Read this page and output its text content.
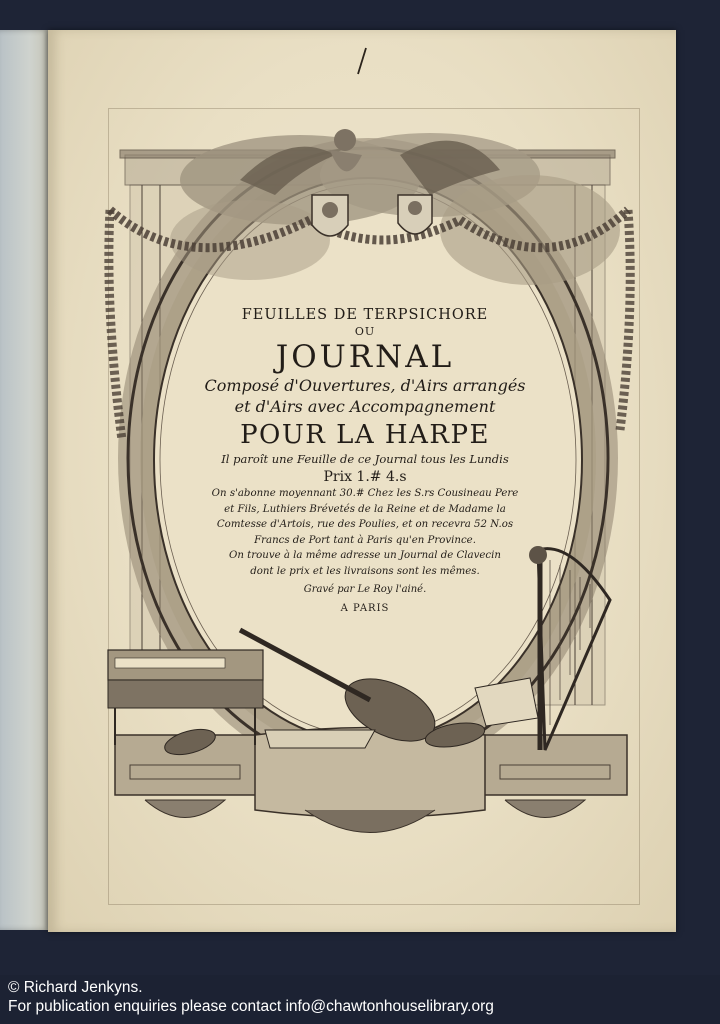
FEUILLES DE TERPSICHORE

OU

JOURNAL

Composé d'Ouvertures, d'Airs arrangés

et d'Airs avec Accompagnement

POUR LA HARPE

Il paroît une Feuille de ce Journal tous les Lundis

Prix 1.# 4.s

On s'abonne moyennant 30.# Chez les S.rs Cousineau Pere

et Fils, Luthiers Brévetés de la Reine et de Madame la

Comtesse d'Artois, rue des Poulies, et on recevra 52 N.os

Francs de Port tant à Paris qu'en Province.

On trouve à la même adresse un Journal de Clavecin

dont le prix et les livraisons sont les mêmes.

Gravé par Le Roy l'ainé.

A PARIS

© Richard Jenkyns.
For publication enquiries please contact info@chawtonhouselibrary.org
